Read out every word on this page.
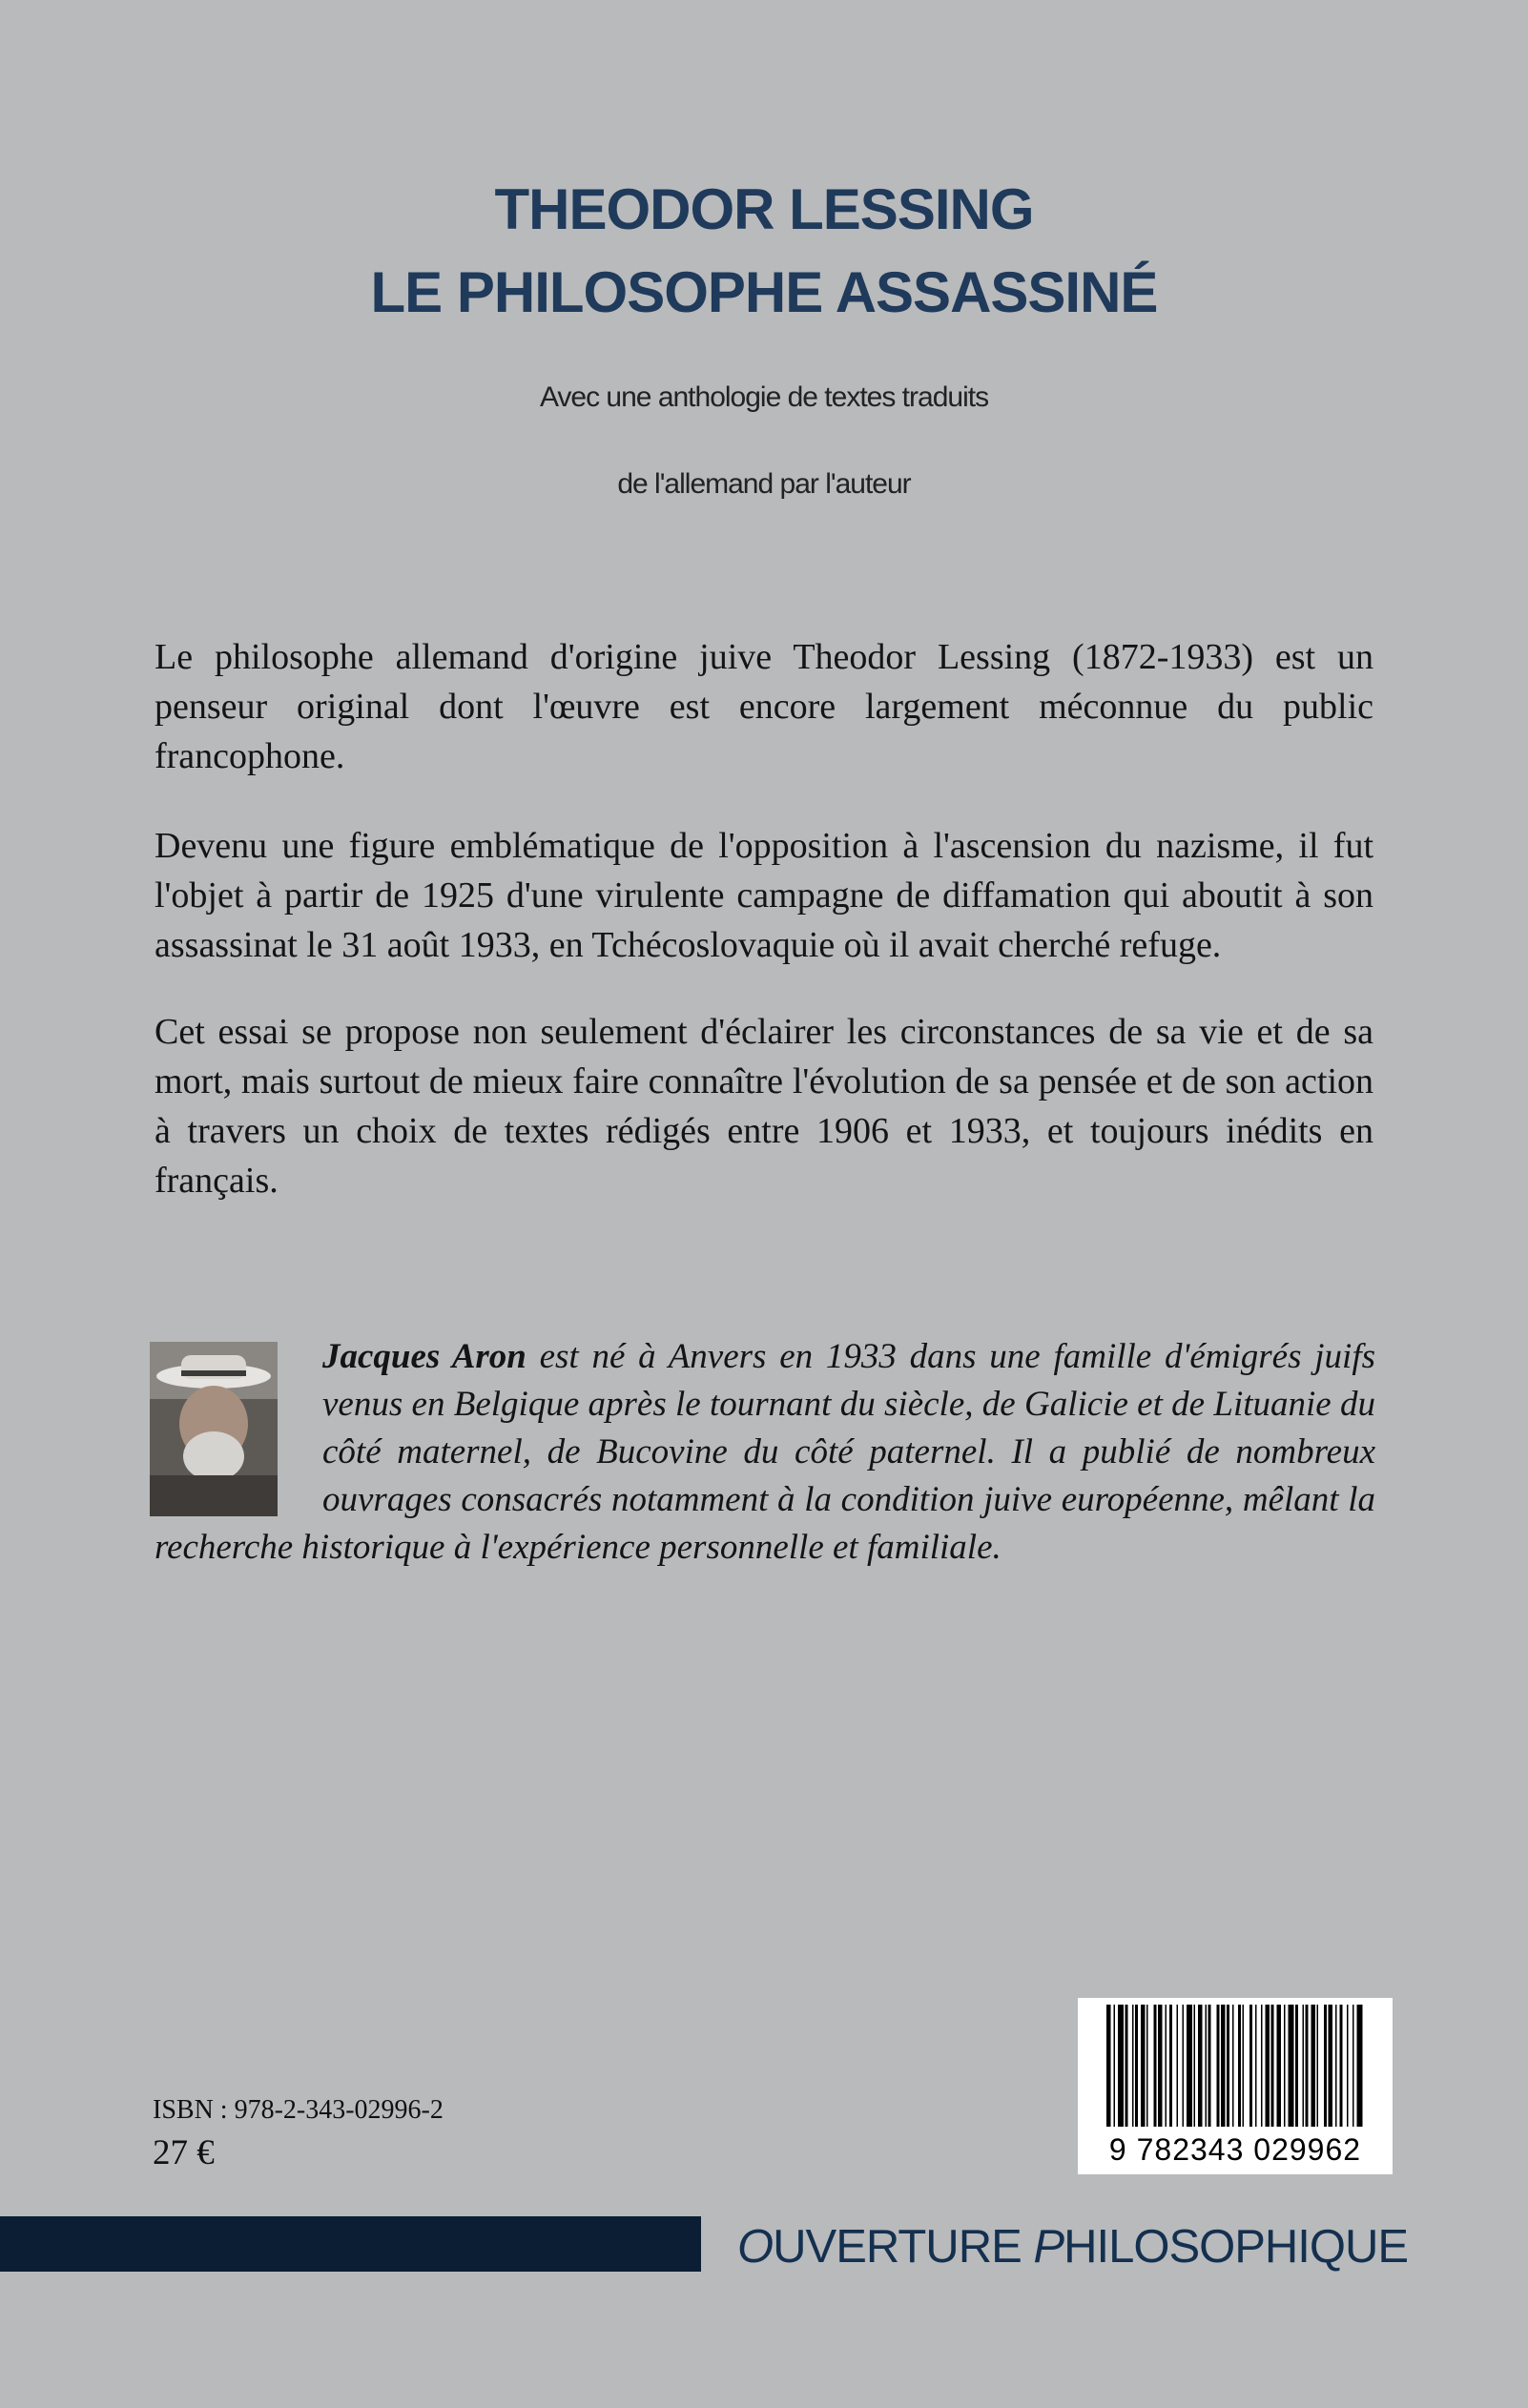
THEODOR LESSING
LE PHILOSOPHE ASSASSINÉ
Avec une anthologie de textes traduits
de l'allemand par l'auteur

Le philosophe allemand d'origine juive Theodor Lessing (1872-1933) est un penseur original dont l'œuvre est encore largement méconnue du public francophone.

Devenu une figure emblématique de l'opposition à l'ascension du nazisme, il fut l'objet à partir de 1925 d'une virulente campagne de diffamation qui aboutit à son assassinat le 31 août 1933, en Tchécoslovaquie où il avait cherché refuge.

Cet essai se propose non seulement d'éclairer les circonstances de sa vie et de sa mort, mais surtout de mieux faire connaître l'évolution de sa pensée et de son action à travers un choix de textes rédigés entre 1906 et 1933, et toujours inédits en français.

Jacques Aron est né à Anvers en 1933 dans une famille d'émigrés juifs venus en Belgique après le tournant du siècle, de Galicie et de Lituanie du côté maternel, de Bucovine du côté paternel. Il a publié de nombreux ouvrages consacrés notamment à la condition juive européenne, mêlant la recherche historique à l'expérience personnelle et familiale.

ISBN : 978-2-343-02996-2
27 €	9 782343 029962
OUVERTURE PHILOSOPHIQUE
